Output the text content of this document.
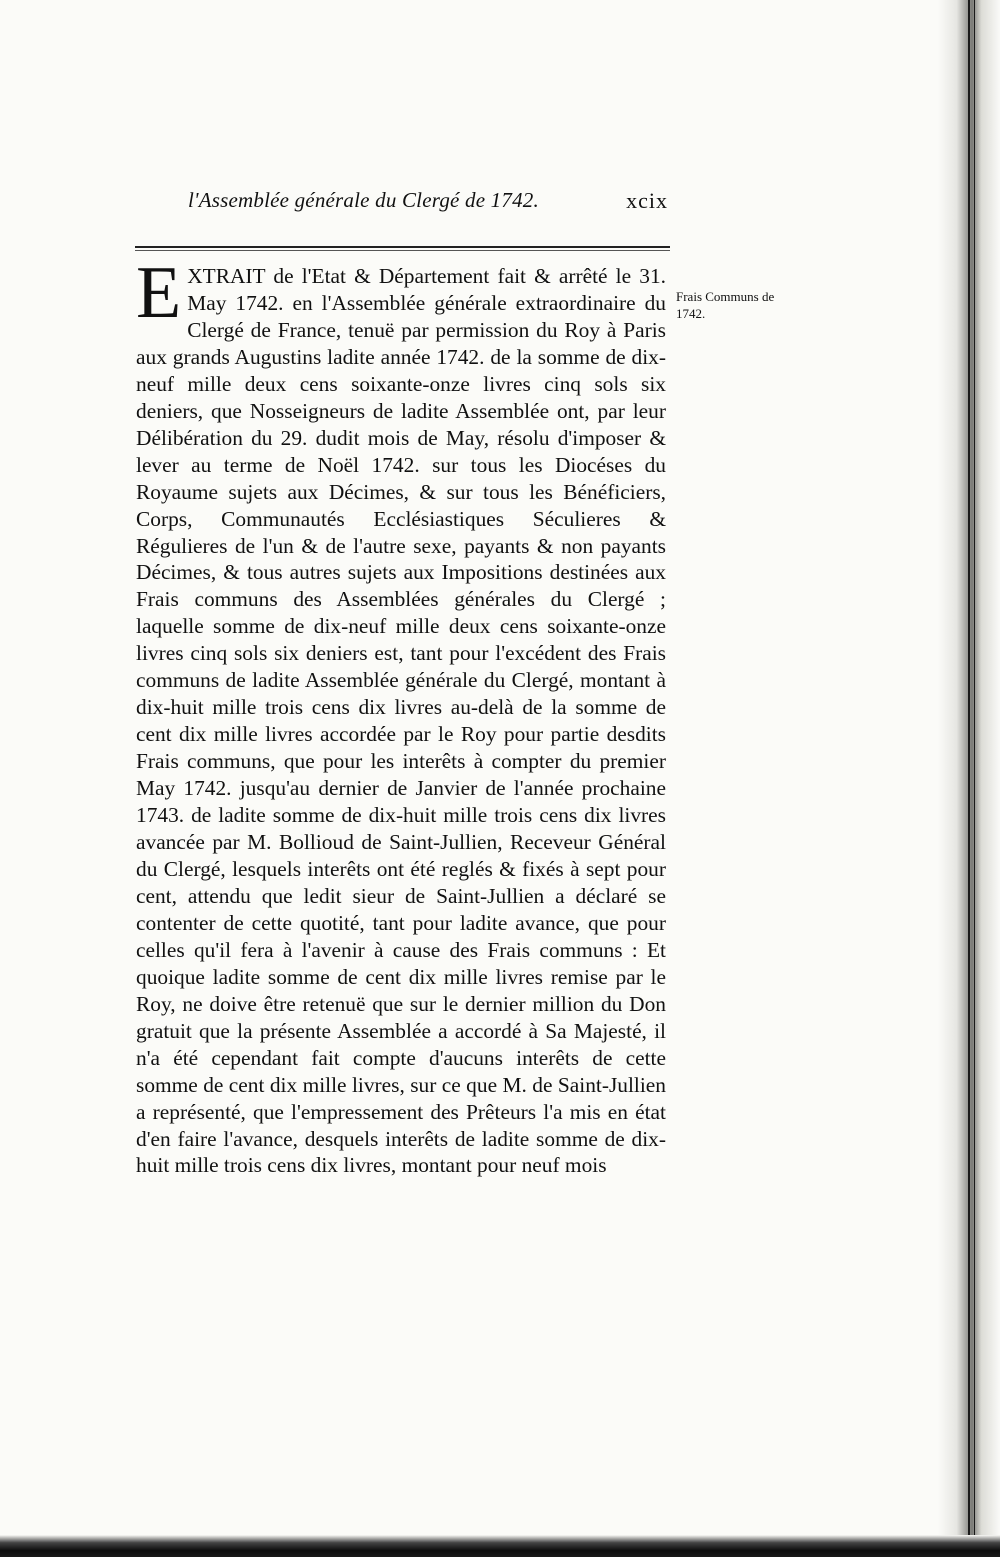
l'Assemblée générale du Clergé de 1742.	xcix

EXTRAIT de l'Etat & Département fait & arrêté le 31. May 1742. en l'Assemblée générale extraordinaire du Clergé de France, tenuë par permission du Roy à Paris aux grands Augustins ladite année 1742. de la somme de dix-neuf mille deux cens soixante-onze livres cinq sols six deniers, que Nosseigneurs de ladite Assemblée ont, par leur Délibération du 29. dudit mois de May, résolu d'imposer & lever au terme de Noël 1742. sur tous les Diocéses du Royaume sujets aux Décimes, & sur tous les Bénéficiers, Corps, Communautés Ecclésiastiques Séculieres & Régulieres de l'un & de l'autre sexe, payants & non payants Décimes, & tous autres sujets aux Impositions destinées aux Frais communs des Assemblées générales du Clergé ; laquelle somme de dix-neuf mille deux cens soixante-onze livres cinq sols six deniers est, tant pour l'excédent des Frais communs de ladite Assemblée générale du Clergé, montant à dix-huit mille trois cens dix livres au-delà de la somme de cent dix mille livres accordée par le Roy pour partie desdits Frais communs, que pour les interêts à compter du premier May 1742. jusqu'au dernier de Janvier de l'année prochaine 1743. de ladite somme de dix-huit mille trois cens dix livres avancée par M. Bollioud de Saint-Jullien, Receveur Général du Clergé, lesquels interêts ont été reglés & fixés à sept pour cent, attendu que ledit sieur de Saint-Jullien a déclaré se contenter de cette quotité, tant pour ladite avance, que pour celles qu'il fera à l'avenir à cause des Frais communs : Et quoique ladite somme de cent dix mille livres remise par le Roy, ne doive être retenuë que sur le dernier million du Don gratuit que la présente Assemblée a accordé à Sa Majesté, il n'a été cependant fait compte d'aucuns interêts de cette somme de cent dix mille livres, sur ce que M. de Saint-Jullien a représenté, que l'empressement des Prêteurs l'a mis en état d'en faire l'avance, desquels interêts de ladite somme de dix-huit mille trois cens dix livres, montant pour neuf mois

Frais Communs de 1742.
